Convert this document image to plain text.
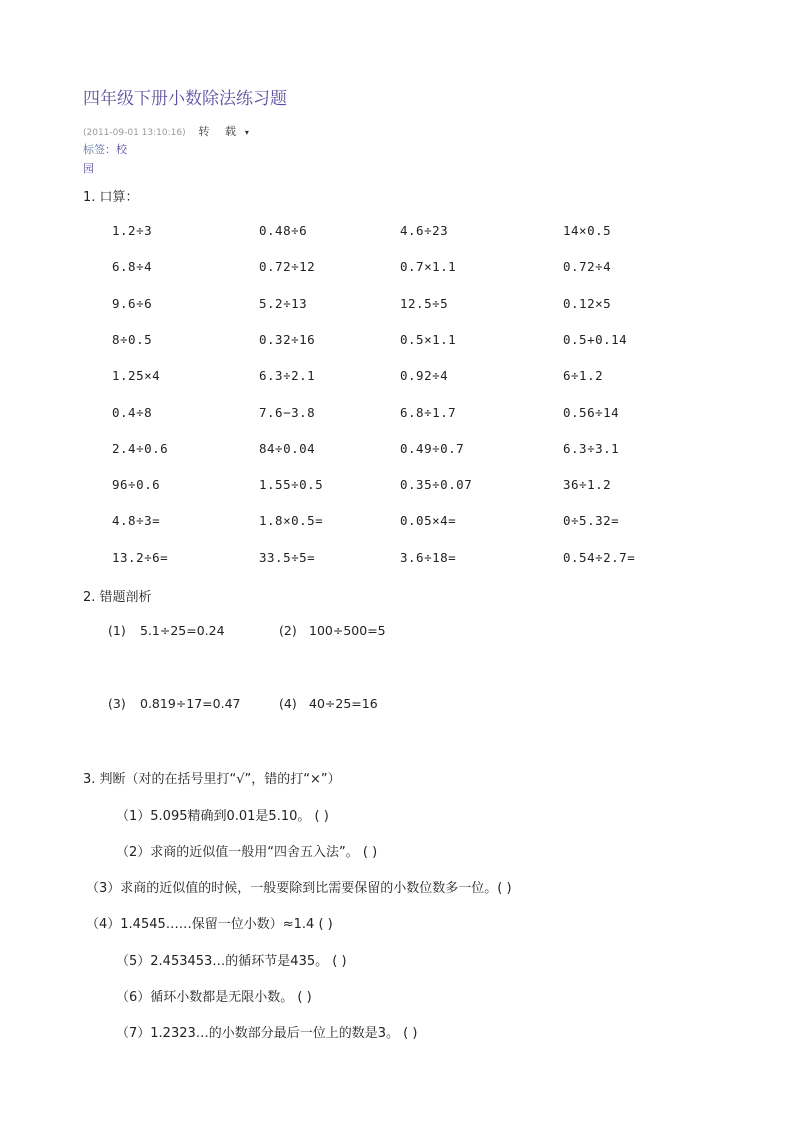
四年级下册小数除法练习题
(2011-09-01 13:10:16) 转 载 ▾
标签：校
园
1. 口算：
1.2÷3	0.48÷6	4.6÷23	14×0.5
6.8÷4	0.72÷12	0.7×1.1	0.72÷4
9.6÷6	5.2÷13	12.5÷5	0.12×5
8÷0.5	0.32÷16	0.5×1.1	0.5+0.14
1.25×4	6.3÷2.1	0.92÷4	6÷1.2
0.4÷8	7.6−3.8	6.8÷1.7	0.56÷14
2.4÷0.6	84÷0.04	0.49÷0.7	6.3÷3.1
96÷0.6	1.55÷0.5	0.35÷0.07	36÷1.2
4.8÷3=	1.8×0.5=	0.05×4=	0÷5.32=
13.2÷6=	33.5÷5=	3.6÷18=	0.54÷2.7=
2. 错题剖析
(1) 5.1÷25=0.24	(2) 100÷500=5
(3) 0.819÷17=0.47	(4) 40÷25=16
3. 判断（对的在括号里打“√”，错的打“×”）
（1）5.095精确到0.01是5.10。 ( )
（2）求商的近似值一般用“四舍五入法”。 ( )
（3）求商的近似值的时候，一般要除到比需要保留的小数位数多一位。( )
（4）1.4545……保留一位小数）≈1.4 ( )
（5）2.453453…的循环节是435。 ( )
（6）循环小数都是无限小数。 ( )
（7）1.2323…的小数部分最后一位上的数是3。 ( )
